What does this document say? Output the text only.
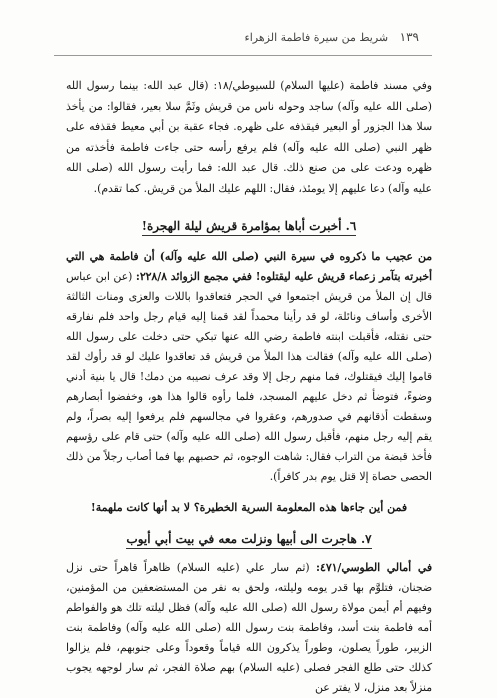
١٣٩ شريط من سيرة فاطمة الزهراء

وفي مسند فاطمة (عليها السلام) للسيوطي/١٨: (قال عبد الله: بينما رسول الله (صلى الله عليه وآله) ساجد وحوله ناس من قريش وثَمَّ سلا بعير، فقالوا: من يأخذ سلا هذا الجزور أو البعير فيقذفه على ظهره. فجاء عقبة بن أبي معيط فقذفه على ظهر النبي (صلى الله عليه وآله) فلم يرفع رأسه حتى جاءت فاطمة فأخذته من ظهره ودعت على من صنع ذلك. قال عبد الله: فما رأيت رسول الله (صلى الله عليه وآله) دعا عليهم إلا يومئذ، فقال: اللهم عليك الملأ من قريش. كما تقدم).

٦. أخبرت أباها بمؤامرة قريش ليلة الهجرة!

من عجيب ما ذكروه في سيرة النبي (صلى الله عليه وآله) أن فاطمة هي التي أخبرته بتآمر زعماء قريش عليه ليقتلوه! ففي مجمع الزوائد ٢٢٨/٨: (عن ابن عباس قال إن الملأ من قريش اجتمعوا في الحجر فتعاقدوا باللات والعزى ومنات الثالثة الأخرى وأساف ونائلة، لو قد رأينا محمداً لقد قمنا إليه قيام رجل واحد فلم نفارقه حتى نقتله، فأقبلت ابنته فاطمة رضي الله عنها تبكي حتى دخلت على رسول الله (صلى الله عليه وآله) فقالت هذا الملأ من قريش قد تعاقدوا عليك لو قد رأوك لقد قاموا إليك فيقتلوك، فما منهم رجل إلا وقد عرف نصيبه من دمك! قال يا بنية أدني وضوءً، فتوضأ ثم دخل عليهم المسجد، فلما رأوه قالوا هذا هو، وخفضوا أبصارهم وسقطت أذقانهم في صدورهم، وعقروا في مجالسهم فلم يرفعوا إليه بصراً، ولم يقم إليه رجل منهم، فأقبل رسول الله (صلى الله عليه وآله) حتى قام على رؤسهم فأخذ قبضة من التراب فقال: شاهت الوجوه، ثم حصبهم بها فما أصاب رجلاً من ذلك الحصى حصاة إلا قتل يوم بدر كافراً).

فمن أين جاءها هذه المعلومة السرية الخطيرة؟ لا بد أنها كانت ملهمة!

٧. هاجرت الى أبيها ونزلت معه في بيت أبي أيوب

في أمالي الطوسي/٤٧١: (ثم سار علي (عليه السلام) ظاهراً قاهراً حتى نزل ضجنان، فتلوَّم بها قدر يومه وليلته، ولحق به نفر من المستضعفين من المؤمنين، وفيهم أم أيمن مولاة رسول الله (صلى الله عليه وآله) فظل ليلته تلك هو والفواطم أمه فاطمة بنت أسد، وفاطمة بنت رسول الله (صلى الله عليه وآله) وفاطمة بنت الزبير، طوراً يصلون، وطوراً يذكرون الله قياماً وقعوداً وعلى جنوبهم، فلم يزالوا كذلك حتى طلع الفجر فصلى (عليه السلام) بهم صلاة الفجر، ثم سار لوجهه يجوب منزلاً بعد منزل، لا يفتر عن
